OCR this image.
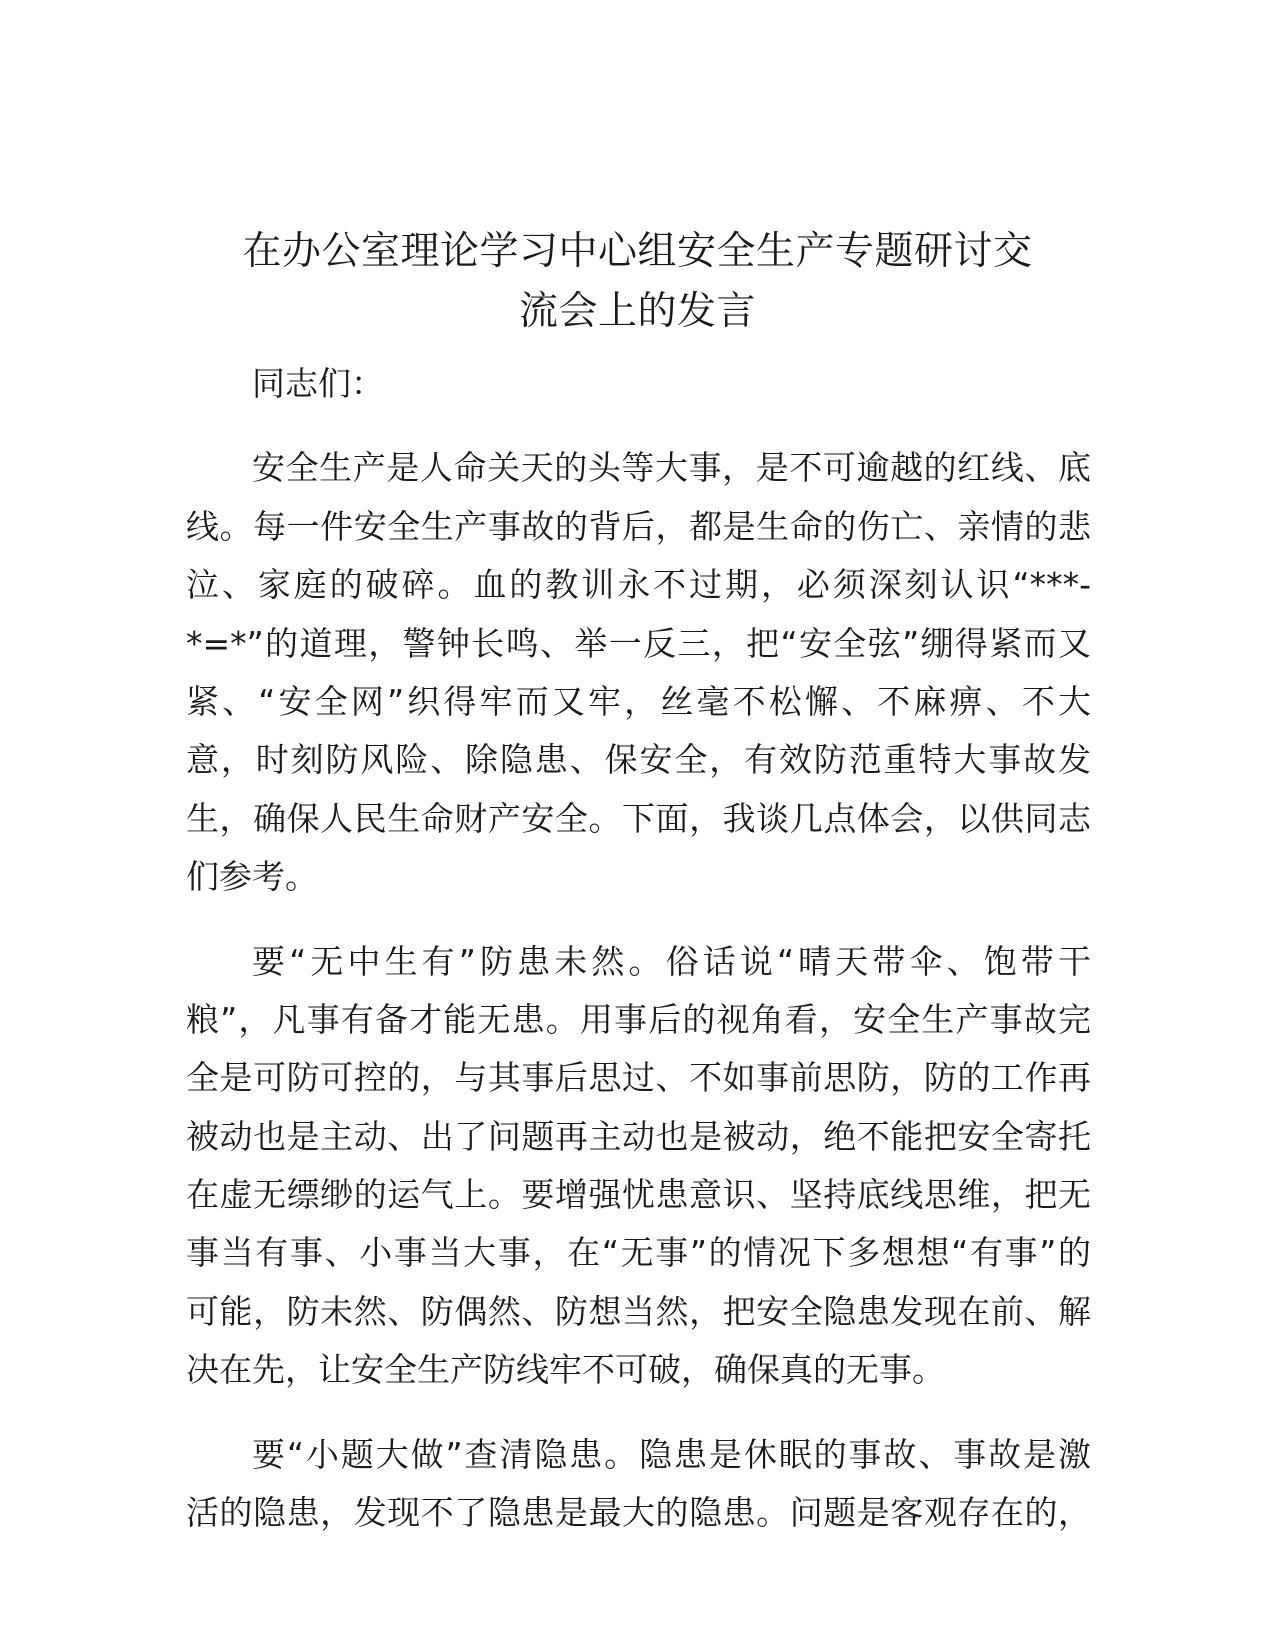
在办公室理论学习中心组安全生产专题研讨交
流会上的发言
同志们：
安全生产是人命关天的头等大事，是不可逾越的红线、底
线。每一件安全生产事故的背后，都是生命的伤亡、亲情的悲
泣、家庭的破碎。血的教训永不过期，必须深刻认识“***-
*=*”的道理，警钟长鸣、举一反三，把“安全弦”绷得紧而又
紧、“安全网”织得牢而又牢，丝毫不松懈、不麻痹、不大
意，时刻防风险、除隐患、保安全，有效防范重特大事故发
生，确保人民生命财产安全。下面，我谈几点体会，以供同志
们参考。
要“无中生有”防患未然。俗话说“晴天带伞、饱带干
粮”，凡事有备才能无患。用事后的视角看，安全生产事故完
全是可防可控的，与其事后思过、不如事前思防，防的工作再
被动也是主动、出了问题再主动也是被动，绝不能把安全寄托
在虚无缥缈的运气上。要增强忧患意识、坚持底线思维，把无
事当有事、小事当大事，在“无事”的情况下多想想“有事”的
可能，防未然、防偶然、防想当然，把安全隐患发现在前、解
决在先，让安全生产防线牢不可破，确保真的无事。
要“小题大做”查清隐患。隐患是休眠的事故、事故是激
活的隐患，发现不了隐患是最大的隐患。问题是客观存在的，
